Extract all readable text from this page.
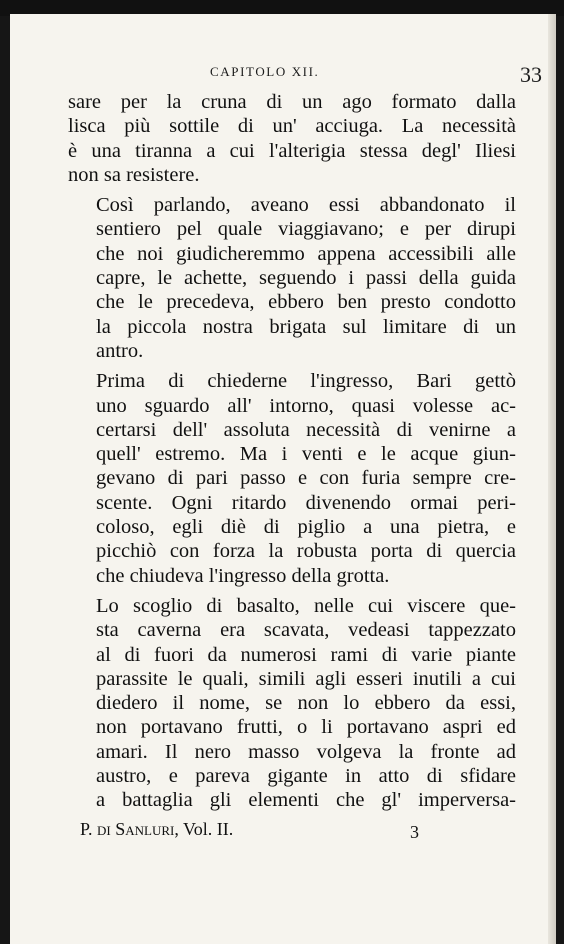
CAPITOLO XII.	33

sare per la cruna di un ago formato dalla
lisca più sottile di un' acciuga. La necessità
è una tiranna a cui l'alterigia stessa degl' Iliesi
non sa resistere.

Così parlando, aveano essi abbandonato il
sentiero pel quale viaggiavano; e per dirupi
che noi giudicheremmo appena accessibili alle
capre, le achette, seguendo i passi della guida
che le precedeva, ebbero ben presto condotto
la piccola nostra brigata sul limitare di un
antro.

Prima di chiederne l'ingresso, Bari gettò
uno sguardo all' intorno, quasi volesse ac-
certarsi dell' assoluta necessità di venirne a
quell' estremo. Ma i venti e le acque giun-
gevano di pari passo e con furia sempre cre-
scente. Ogni ritardo divenendo ormai peri-
coloso, egli diè di piglio a una pietra, e
picchiò con forza la robusta porta di quercia
che chiudeva l'ingresso della grotta.

Lo scoglio di basalto, nelle cui viscere que-
sta caverna era scavata, vedeasi tappezzato
al di fuori da numerosi rami di varie piante
parassite le quali, simili agli esseri inutili a cui
diedero il nome, se non lo ebbero da essi,
non portavano frutti, o li portavano aspri ed
amari. Il nero masso volgeva la fronte ad
austro, e pareva gigante in atto di sfidare
a battaglia gli elementi che gl' imperversa-

P. di Sanluri, Vol. II.	3
